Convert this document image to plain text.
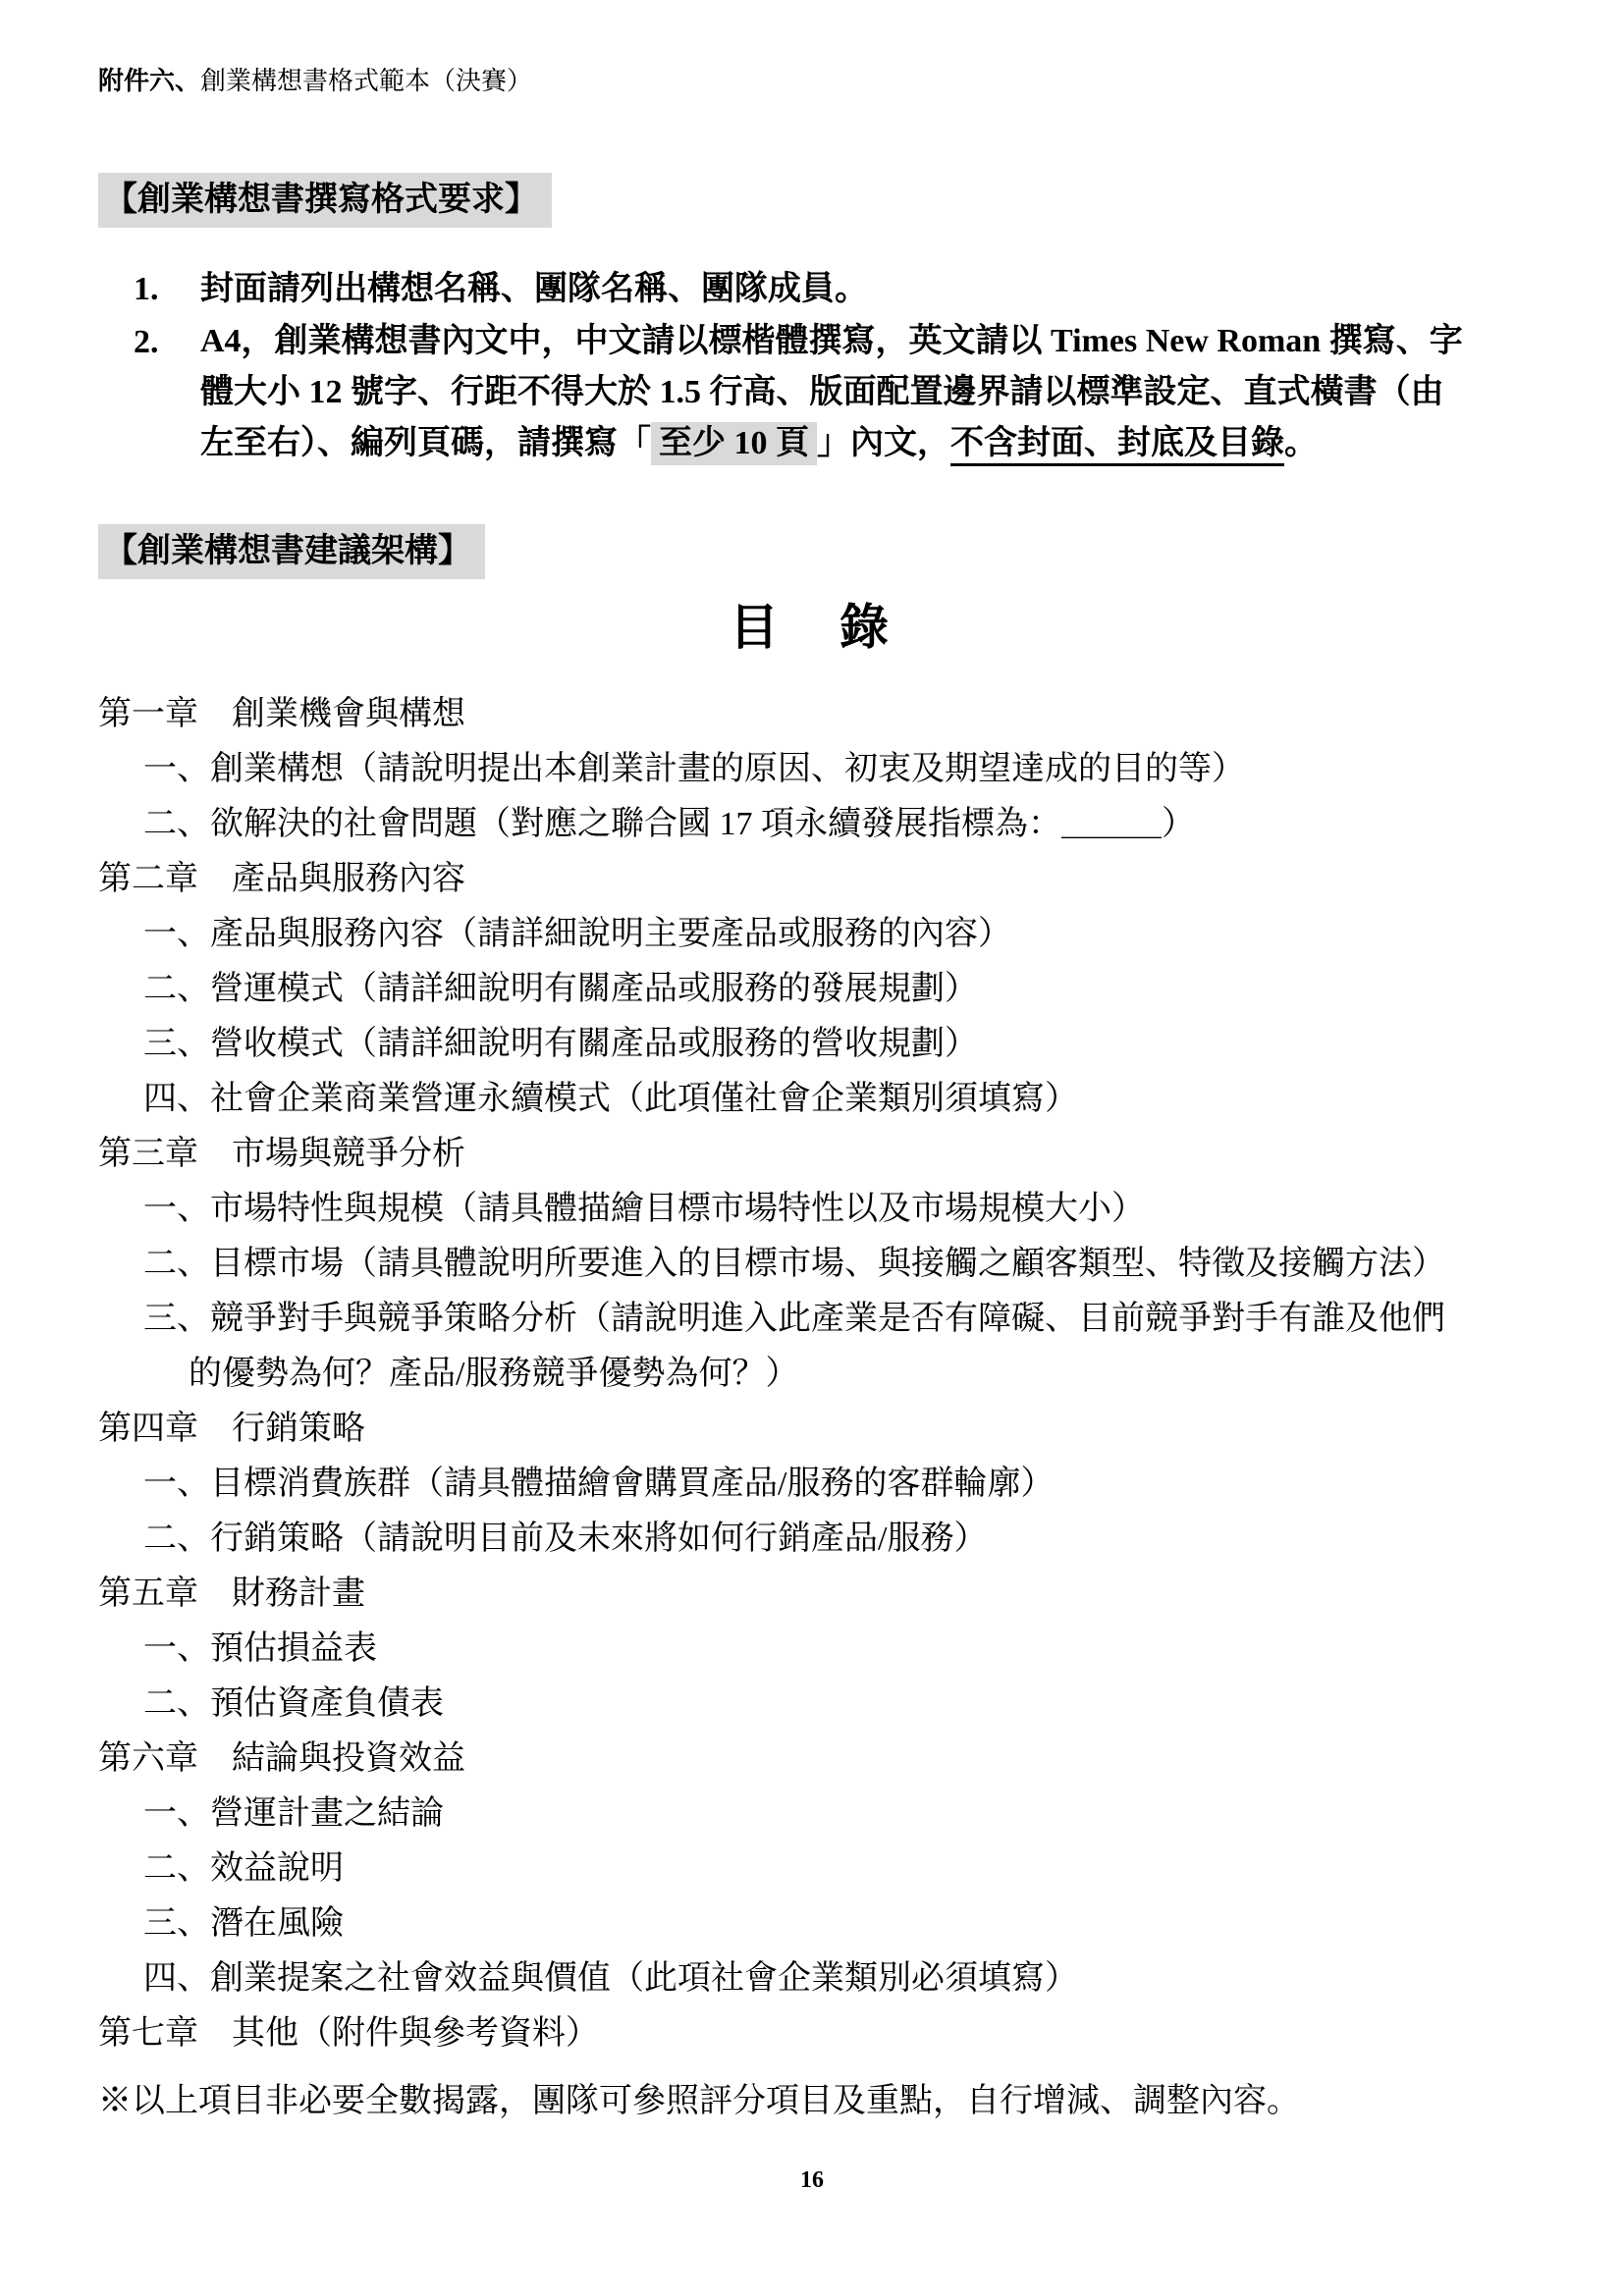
附件六、創業構想書格式範本（決賽）
【創業構想書撰寫格式要求】
1.	封面請列出構想名稱、團隊名稱、團隊成員。
2.	A4，創業構想書內文中，中文請以標楷體撰寫，英文請以 Times New Roman 撰寫、字
體大小 12 號字、行距不得大於 1.5 行高、版面配置邊界請以標準設定、直式橫書（由
左至右）、編列頁碼，請撰寫「 至少 10 頁 」內文，不含封面、封底及目錄。
【創業構想書建議架構】
目　錄
第一章　創業機會與構想
一、創業構想（請說明提出本創業計畫的原因、初衷及期望達成的目的等）
二、欲解決的社會問題（對應之聯合國 17 項永續發展指標為：＿＿＿）
第二章　產品與服務內容
一、產品與服務內容（請詳細說明主要產品或服務的內容）
二、營運模式（請詳細說明有關產品或服務的發展規劃）
三、營收模式（請詳細說明有關產品或服務的營收規劃）
四、社會企業商業營運永續模式（此項僅社會企業類別須填寫）
第三章　市場與競爭分析
一、市場特性與規模（請具體描繪目標市場特性以及市場規模大小）
二、目標市場（請具體說明所要進入的目標市場、與接觸之顧客類型、特徵及接觸方法）
三、競爭對手與競爭策略分析（請說明進入此產業是否有障礙、目前競爭對手有誰及他們
的優勢為何？產品/服務競爭優勢為何？）
第四章　行銷策略
一、目標消費族群（請具體描繪會購買產品/服務的客群輪廓）
二、行銷策略（請說明目前及未來將如何行銷產品/服務）
第五章　財務計畫
一、預估損益表
二、預估資產負債表
第六章　結論與投資效益
一、營運計畫之結論
二、效益說明
三、潛在風險
四、創業提案之社會效益與價值（此項社會企業類別必須填寫）
第七章　其他（附件與參考資料）
※以上項目非必要全數揭露，團隊可參照評分項目及重點，自行增減、調整內容。
16
